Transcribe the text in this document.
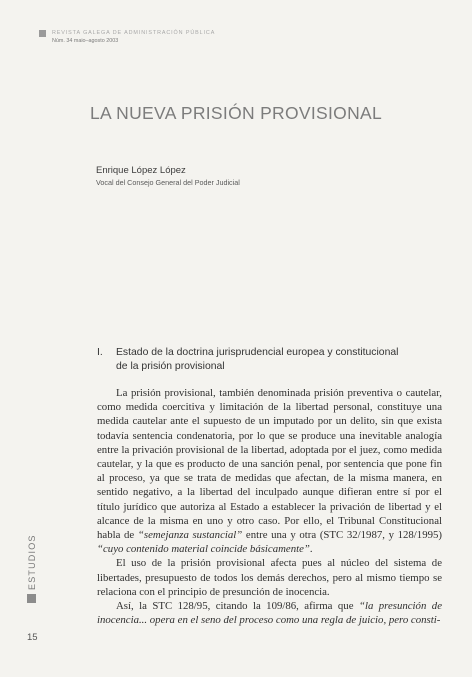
REVISTA GALEGA DE ADMINISTRACIÓN PÚBLICA
Núm. 34 maio–agosto 2003
LA NUEVA PRISIÓN PROVISIONAL
Enrique López López
Vocal del Consejo General del Poder Judicial
I. Estado de la doctrina jurisprudencial europea y constitucional
de la prisión provisional

La prisión provisional, también denominada prisión preventiva o cautelar, como medida coercitiva y limitación de la libertad personal, constituye una medida cautelar ante el supuesto de un imputado por un delito, sin que exista todavía sentencia condenatoria, por lo que se produce una inevitable analogía entre la privación provisional de la libertad, adoptada por el juez, como medida cautelar, y la que es producto de una sanción penal, por sentencia que pone fin al proceso, ya que se trata de medidas que afectan, de la misma manera, en sentido negativo, a la libertad del inculpado aunque difieran entre sí por el título jurídico que autoriza al Estado a establecer la privación de libertad y el alcance de la misma en uno y otro caso. Por ello, el Tribunal Constitucional habla de “semejanza sustancial” entre una y otra (STC 32/1987, y 128/1995) “cuyo contenido material coincide básicamente”.

El uso de la prisión provisional afecta pues al núcleo del sistema de libertades, presupuesto de todos los demás derechos, pero al mismo tiempo se relaciona con el principio de presunción de inocencia.

Así, la STC 128/95, citando la 109/86, afirma que “la presunción de inocencia... opera en el seno del proceso como una regla de juicio, pero consti-

ESTUDIOS
15
